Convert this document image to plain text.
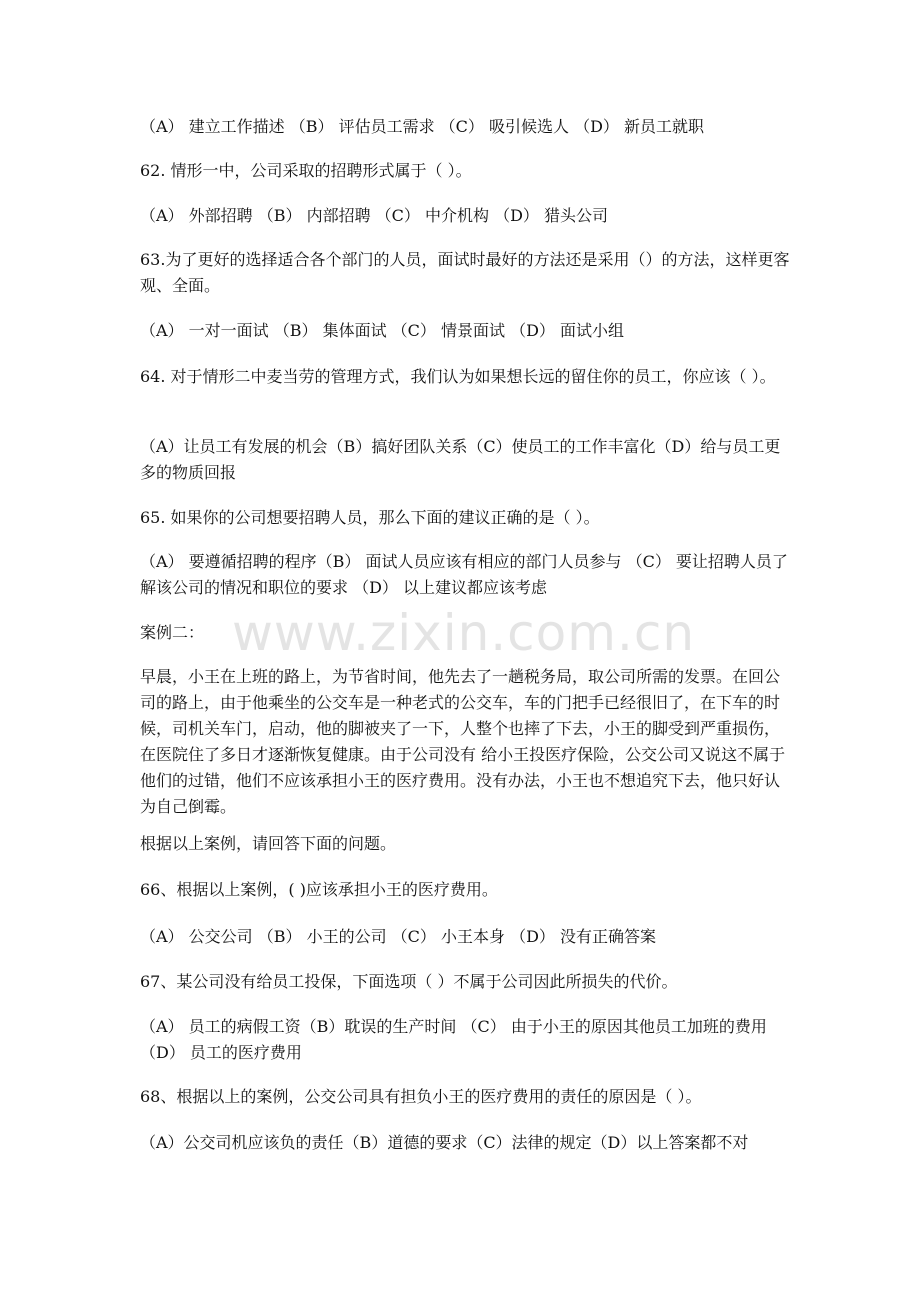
www.zixin.com.cn

（A） 建立工作描述 （B） 评估员工需求 （C） 吸引候选人 （D） 新员工就职

62. 情形一中，公司采取的招聘形式属于（ ）。

（A） 外部招聘 （B） 内部招聘 （C） 中介机构 （D） 猎头公司

63.为了更好的选择适合各个部门的人员，面试时最好的方法还是采用（）的方法，这样更客观、全面。

（A） 一对一面试 （B） 集体面试 （C） 情景面试 （D） 面试小组

64. 对于情形二中麦当劳的管理方式，我们认为如果想长远的留住你的员工，你应该（ ）。

（A）让员工有发展的机会（B）搞好团队关系（C）使员工的工作丰富化（D）给与员工更多的物质回报

65. 如果你的公司想要招聘人员，那么下面的建议正确的是（ ）。

（A） 要遵循招聘的程序（B） 面试人员应该有相应的部门人员参与 （C） 要让招聘人员了解该公司的情况和职位的要求 （D） 以上建议都应该考虑

案例二：

早晨，小王在上班的路上，为节省时间，他先去了一趟税务局，取公司所需的发票。在回公司的路上，由于他乘坐的公交车是一种老式的公交车，车的门把手已经很旧了，在下车的时候，司机关车门，启动，他的脚被夹了一下，人整个也摔了下去，小王的脚受到严重损伤，在医院住了多日才逐渐恢复健康。由于公司没有 给小王投医疗保险，公交公司又说这不属于他们的过错，他们不应该承担小王的医疗费用。没有办法，小王也不想追究下去，他只好认为自己倒霉。

根据以上案例，请回答下面的问题。

66、根据以上案例，( )应该承担小王的医疗费用。

（A） 公交公司 （B） 小王的公司 （C） 小王本身 （D） 没有正确答案

67、某公司没有给员工投保，下面选项（ ）不属于公司因此所损失的代价。

（A） 员工的病假工资（B）耽误的生产时间 （C） 由于小王的原因其他员工加班的费用（D） 员工的医疗费用

68、根据以上的案例，公交公司具有担负小王的医疗费用的责任的原因是（ ）。

（A）公交司机应该负的责任（B）道德的要求（C）法律的规定（D）以上答案都不对
